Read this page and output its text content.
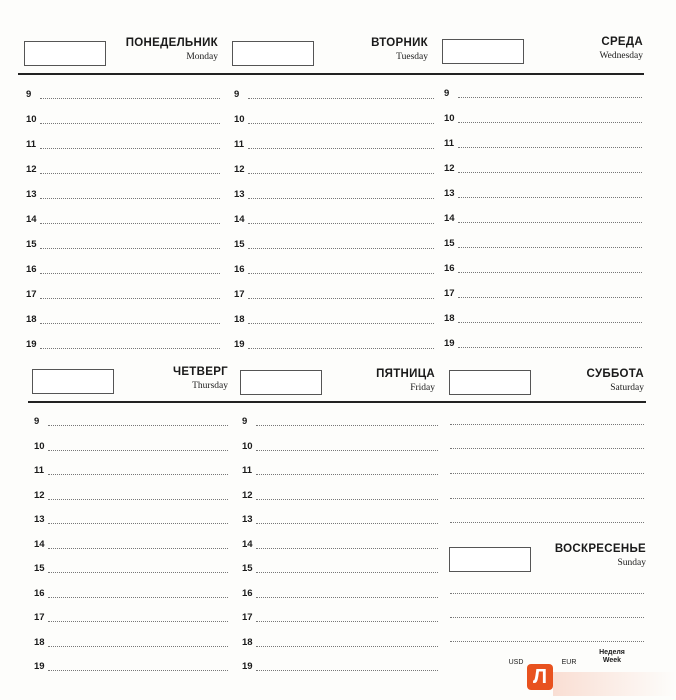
ПОНЕДЕЛЬНИК
Monday
ВТОРНИК
Tuesday
СРЕДА
Wednesday
9
10
11
12
13
14
15
16
17
18
19
9
10
11
12
13
14
15
16
17
18
19
9
10
11
12
13
14
15
16
17
18
19
ЧЕТВЕРГ
Thursday
ПЯТНИЦА
Friday
СУББОТА
Saturday
9
10
11
12
13
14
15
16
17
18
19
9
10
11
12
13
14
15
16
17
18
19
ВОСКРЕСЕНЬЕ
Sunday
USD	EUR
Неделя
Week
Л
